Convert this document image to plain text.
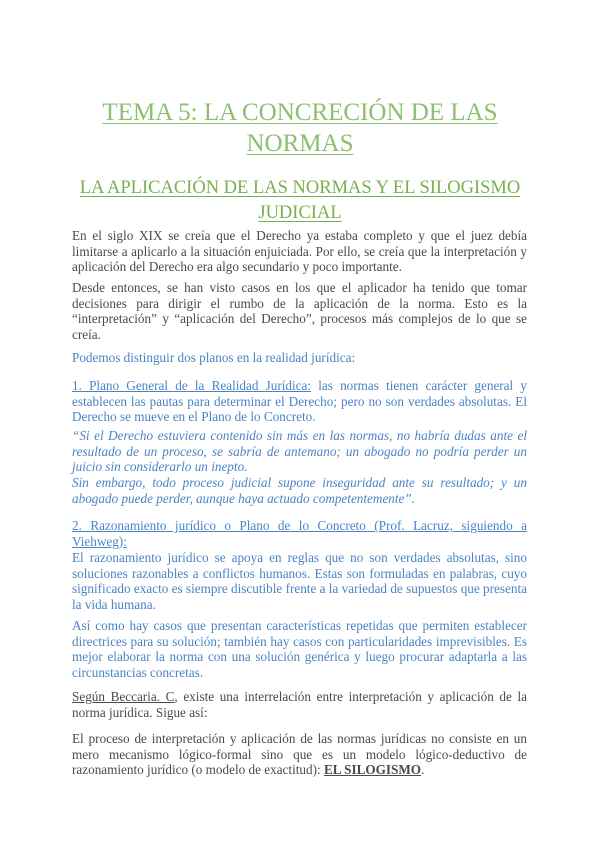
TEMA 5: LA CONCRECIÓN DE LAS NORMAS
LA APLICACIÓN DE LAS NORMAS Y EL SILOGISMO JUDICIAL

En el siglo XIX se creía que el Derecho ya estaba completo y que el juez debía limitarse a aplicarlo a la situación enjuiciada. Por ello, se creía que la interpretación y aplicación del Derecho era algo secundario y poco importante.

Desde entonces, se han visto casos en los que el aplicador ha tenido que tomar decisiones para dirigir el rumbo de la aplicación de la norma. Esto es la “interpretación” y “aplicación del Derecho”, procesos más complejos de lo que se creía.

Podemos distinguir dos planos en la realidad jurídica:

1. Plano General de la Realidad Jurídica: las normas tienen carácter general y establecen las pautas para determinar el Derecho; pero no son verdades absolutas. El Derecho se mueve en el Plano de lo Concreto.

“Si el Derecho estuviera contenido sin más en las normas, no habría dudas ante el resultado de un proceso, se sabría de antemano; un abogado no podría perder un juicio sin considerarlo un inepto.

Sin embargo, todo proceso judicial supone inseguridad ante su resultado; y un abogado puede perder, aunque haya actuado competentemente”.

2. Razonamiento jurídico o Plano de lo Concreto (Prof. Lacruz, siguiendo a Viehweg):

El razonamiento jurídico se apoya en reglas que no son verdades absolutas, sino soluciones razonables a conflictos humanos. Estas son formuladas en palabras, cuyo significado exacto es siempre discutible frente a la variedad de supuestos que presenta la vida humana.

Así como hay casos que presentan características repetidas que permiten establecer directrices para su solución; también hay casos con particularidades imprevisibles. Es mejor elaborar la norma con una solución genérica y luego procurar adaptarla a las circunstancias concretas.

Según Beccaria. C, existe una interrelación entre interpretación y aplicación de la norma jurídica. Sigue así:

El proceso de interpretación y aplicación de las normas jurídicas no consiste en un mero mecanismo lógico-formal sino que es un modelo lógico-deductivo de razonamiento jurídico (o modelo de exactitud): EL SILOGISMO.
